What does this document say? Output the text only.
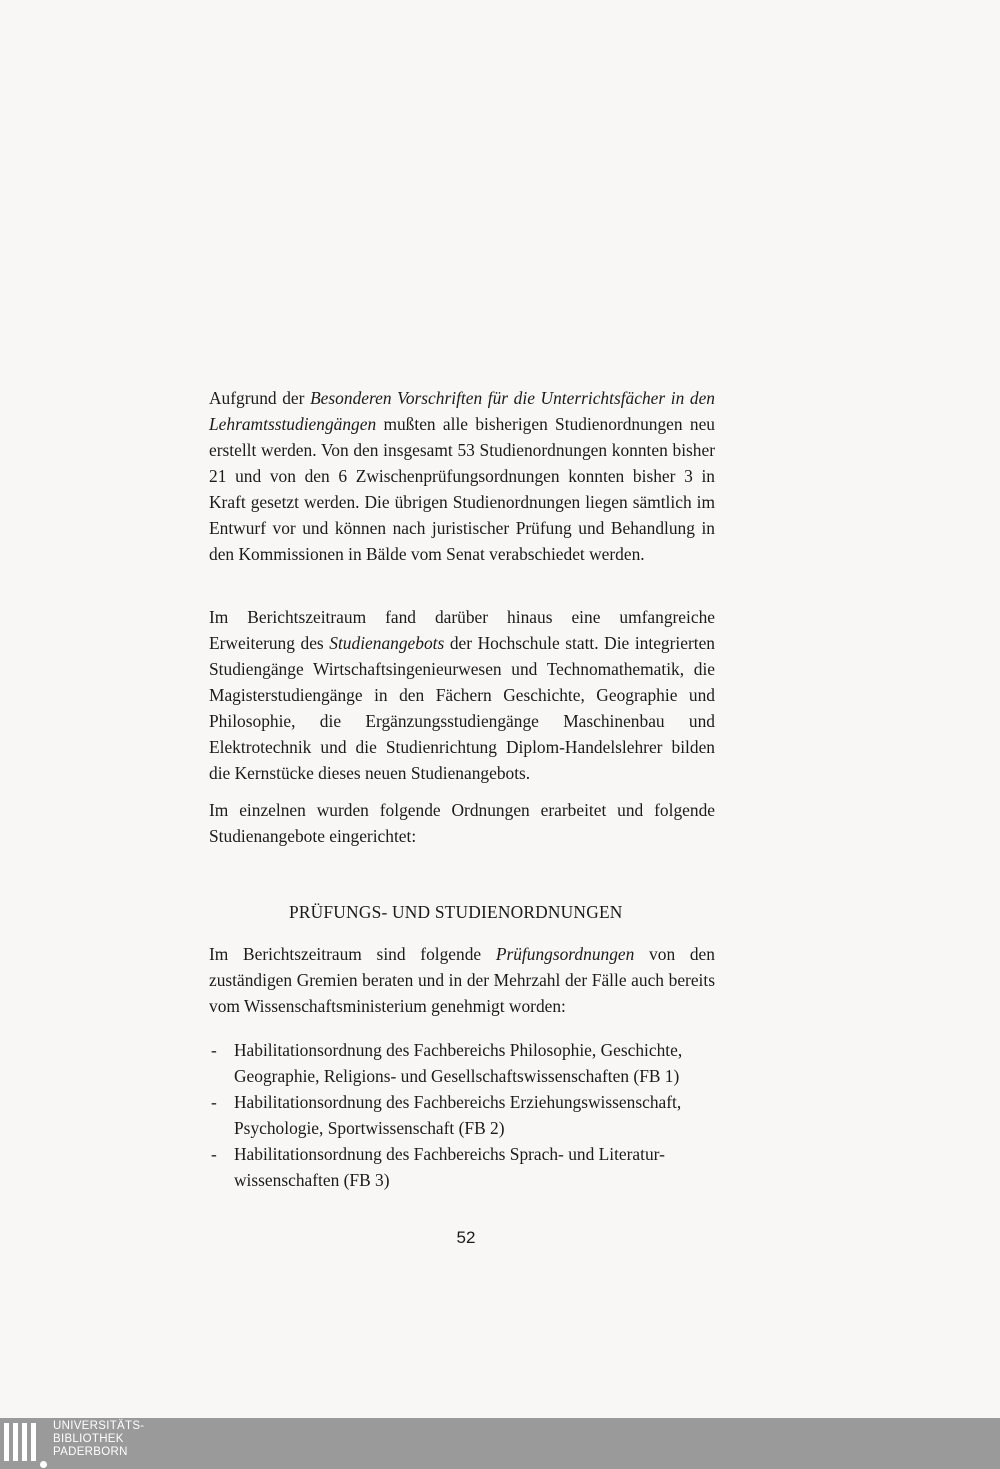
Aufgrund der Besonderen Vorschriften für die Unterrichtsfächer in den Lehramtsstudiengängen mußten alle bisherigen Studienordnungen neu erstellt werden. Von den insgesamt 53 Studienordnungen konnten bisher 21 und von den 6 Zwischenprüfungsordnungen konnten bisher 3 in Kraft gesetzt werden. Die übrigen Studienordnungen liegen sämtlich im Entwurf vor und können nach juristischer Prüfung und Behandlung in den Kommissionen in Bälde vom Senat verabschiedet werden.

Im Berichtszeitraum fand darüber hinaus eine umfangreiche Erweiterung des Studienangebots der Hochschule statt. Die integrierten Studiengänge Wirtschaftsingenieurwesen und Technomathematik, die Magisterstudiengänge in den Fächern Geschichte, Geographie und Philosophie, die Ergänzungsstudiengänge Maschinenbau und Elektrotechnik und die Studienrichtung Diplom-Handelslehrer bilden die Kernstücke dieses neuen Studienangebots.

Im einzelnen wurden folgende Ordnungen erarbeitet und folgende Studienangebote eingerichtet:

PRÜFUNGS- UND STUDIENORDNUNGEN

Im Berichtszeitraum sind folgende Prüfungsordnungen von den zuständigen Gremien beraten und in der Mehrzahl der Fälle auch bereits vom Wissenschaftsministerium genehmigt worden:

- Habilitationsordnung des Fachbereichs Philosophie, Geschichte,
Geographie, Religions- und Gesellschaftswissenschaften (FB 1)
- Habilitationsordnung des Fachbereichs Erziehungswissenschaft,
Psychologie, Sportwissenschaft (FB 2)
- Habilitationsordnung des Fachbereichs Sprach- und Literatur-
wissenschaften (FB 3)
52
UNIVERSITÄTS-
BIBLIOTHEK
PADERBORN
